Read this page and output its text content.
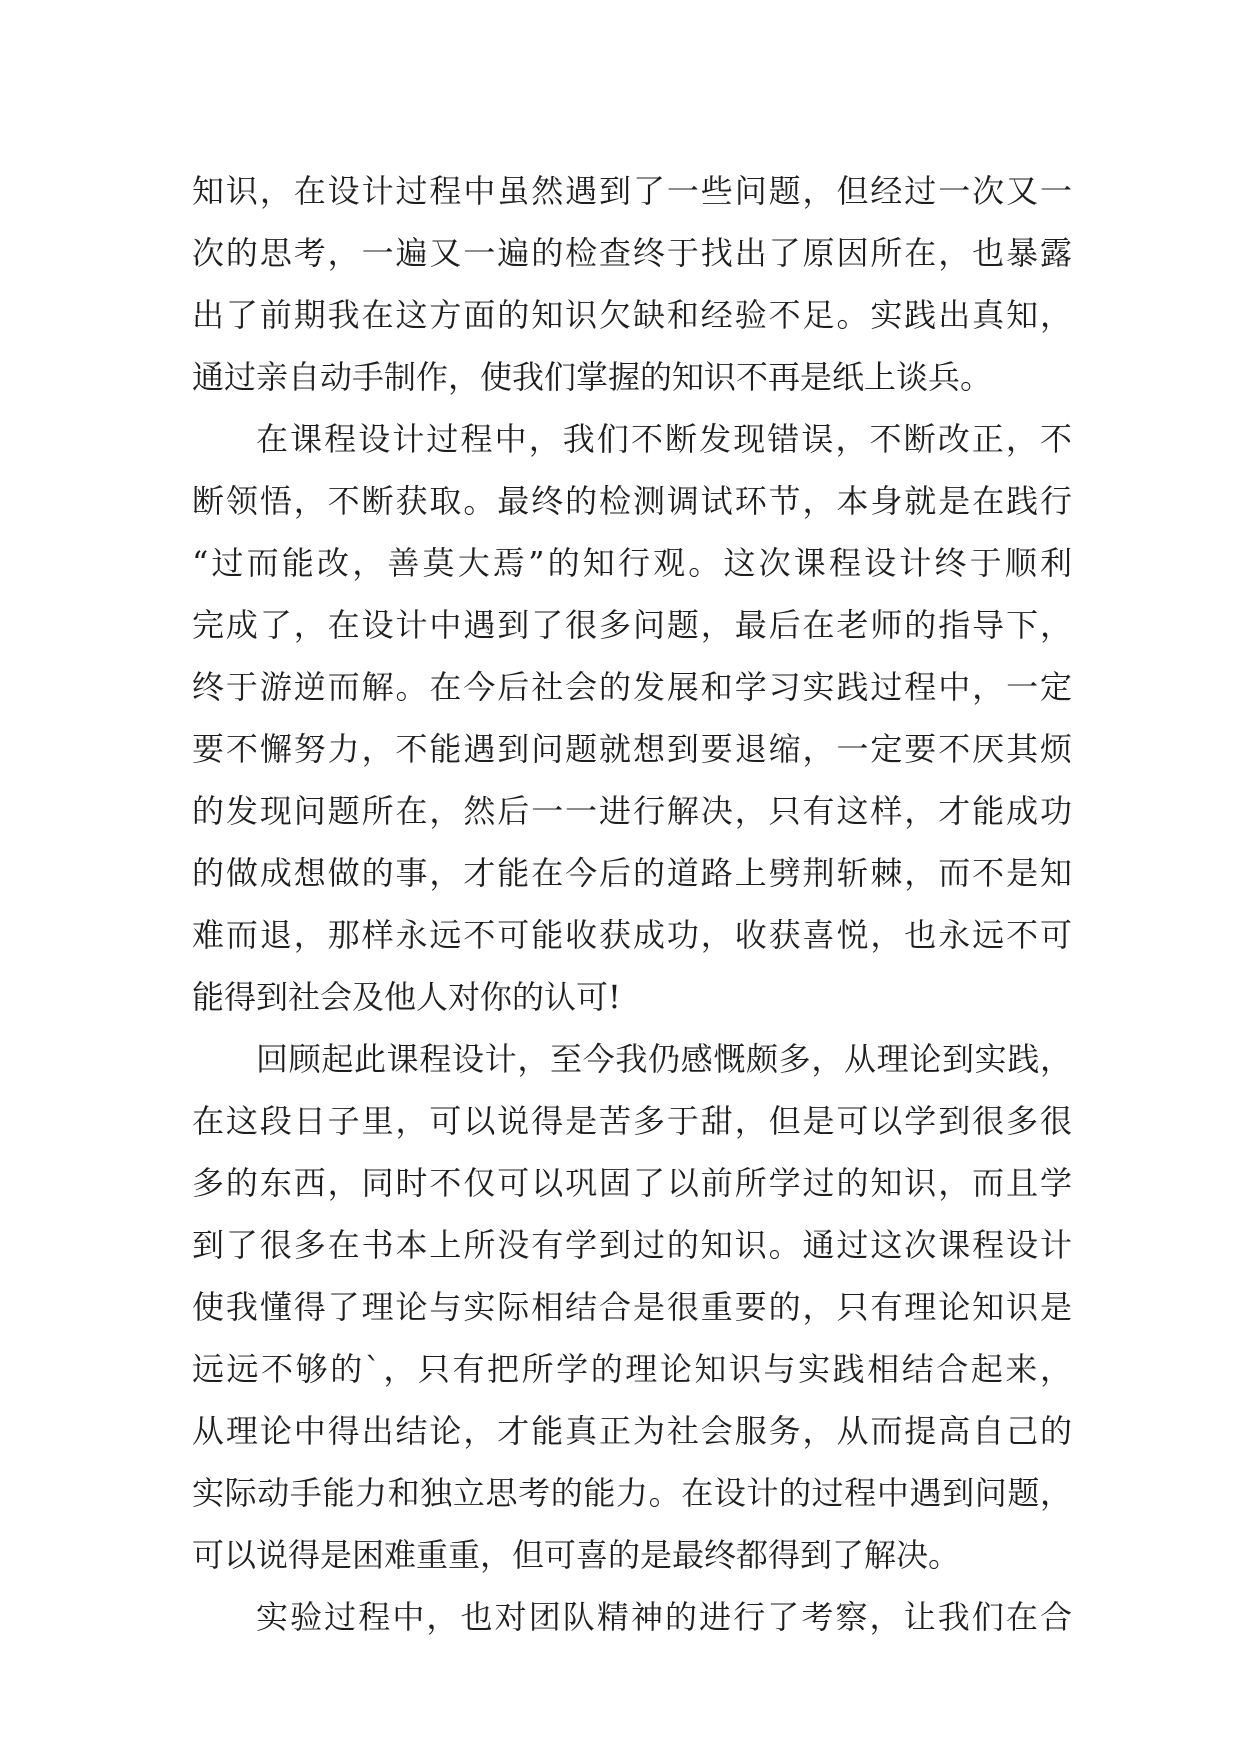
知识，在设计过程中虽然遇到了一些问题，但经过一次又一
次的思考，一遍又一遍的检查终于找出了原因所在，也暴露
出了前期我在这方面的知识欠缺和经验不足。实践出真知，
通过亲自动手制作，使我们掌握的知识不再是纸上谈兵。
在课程设计过程中，我们不断发现错误，不断改正，不
断领悟，不断获取。最终的检测调试环节，本身就是在践行
“过而能改，善莫大焉”的知行观。这次课程设计终于顺利
完成了，在设计中遇到了很多问题，最后在老师的指导下，
终于游逆而解。在今后社会的发展和学习实践过程中，一定
要不懈努力，不能遇到问题就想到要退缩，一定要不厌其烦
的发现问题所在，然后一一进行解决，只有这样，才能成功
的做成想做的事，才能在今后的道路上劈荆斩棘，而不是知
难而退，那样永远不可能收获成功，收获喜悦，也永远不可
能得到社会及他人对你的认可!
回顾起此课程设计，至今我仍感慨颇多，从理论到实践，
在这段日子里，可以说得是苦多于甜，但是可以学到很多很
多的东西，同时不仅可以巩固了以前所学过的知识，而且学
到了很多在书本上所没有学到过的知识。通过这次课程设计
使我懂得了理论与实际相结合是很重要的，只有理论知识是
远远不够的`，只有把所学的理论知识与实践相结合起来，
从理论中得出结论，才能真正为社会服务，从而提高自己的
实际动手能力和独立思考的能力。在设计的过程中遇到问题，
可以说得是困难重重，但可喜的是最终都得到了解决。
实验过程中，也对团队精神的进行了考察，让我们在合
